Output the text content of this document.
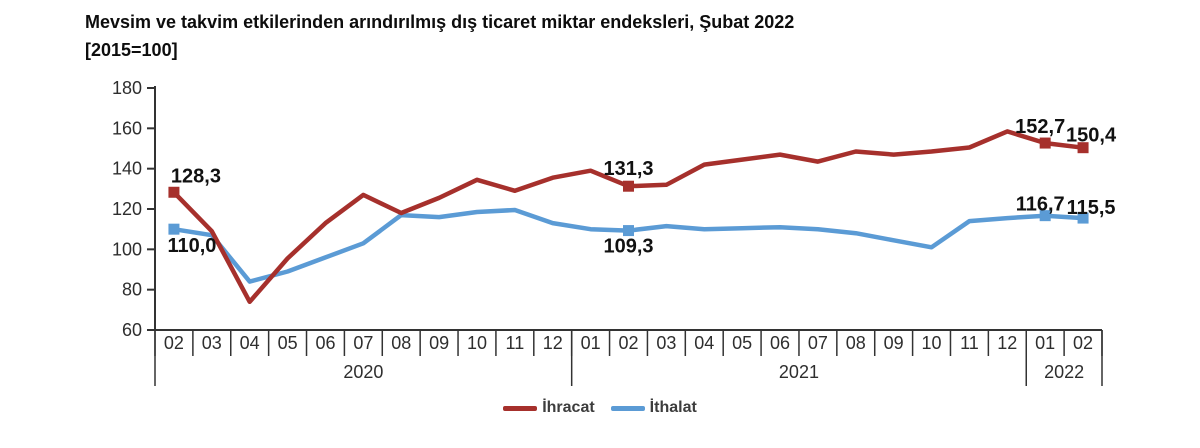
Mevsim ve takvim etkilerinden arındırılmış dış ticaret miktar endeksleri, Şubat 2022
[2015=100]
60
80
100
120
140
160
180
02 03 04 05 06 07 08 09 10 11 12 01 02 03 04 05 06 07 08 09 10 11 12 01 02
2020	2021	2022
128,3	131,3
152,7 150,4
110,0	109,3
116,7 115,5
İhracat	İthalat
